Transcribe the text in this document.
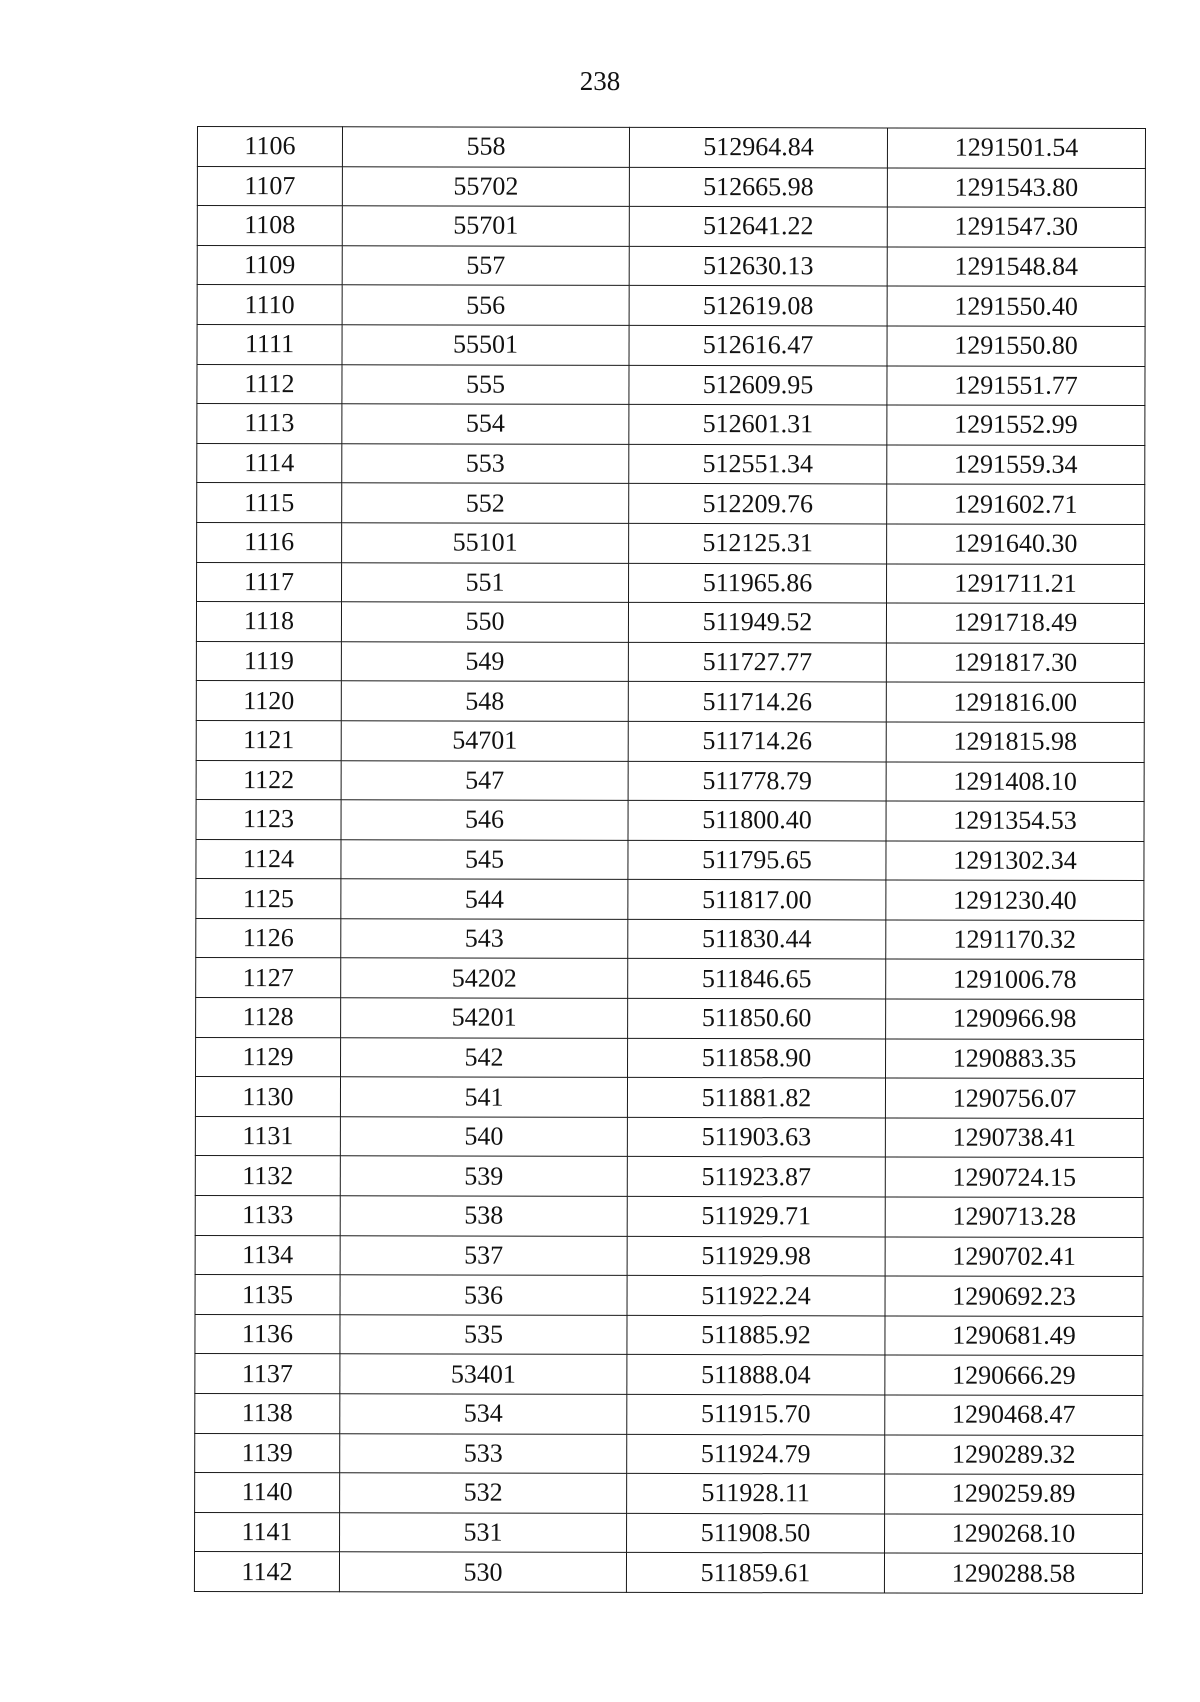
238
1106	558	512964.84	1291501.54
1107	55702	512665.98	1291543.80
1108	55701	512641.22	1291547.30
1109	557	512630.13	1291548.84
1110	556	512619.08	1291550.40
1111	55501	512616.47	1291550.80
1112	555	512609.95	1291551.77
1113	554	512601.31	1291552.99
1114	553	512551.34	1291559.34
1115	552	512209.76	1291602.71
1116	55101	512125.31	1291640.30
1117	551	511965.86	1291711.21
1118	550	511949.52	1291718.49
1119	549	511727.77	1291817.30
1120	548	511714.26	1291816.00
1121	54701	511714.26	1291815.98
1122	547	511778.79	1291408.10
1123	546	511800.40	1291354.53
1124	545	511795.65	1291302.34
1125	544	511817.00	1291230.40
1126	543	511830.44	1291170.32
1127	54202	511846.65	1291006.78
1128	54201	511850.60	1290966.98
1129	542	511858.90	1290883.35
1130	541	511881.82	1290756.07
1131	540	511903.63	1290738.41
1132	539	511923.87	1290724.15
1133	538	511929.71	1290713.28
1134	537	511929.98	1290702.41
1135	536	511922.24	1290692.23
1136	535	511885.92	1290681.49
1137	53401	511888.04	1290666.29
1138	534	511915.70	1290468.47
1139	533	511924.79	1290289.32
1140	532	511928.11	1290259.89
1141	531	511908.50	1290268.10
1142	530	511859.61	1290288.58
